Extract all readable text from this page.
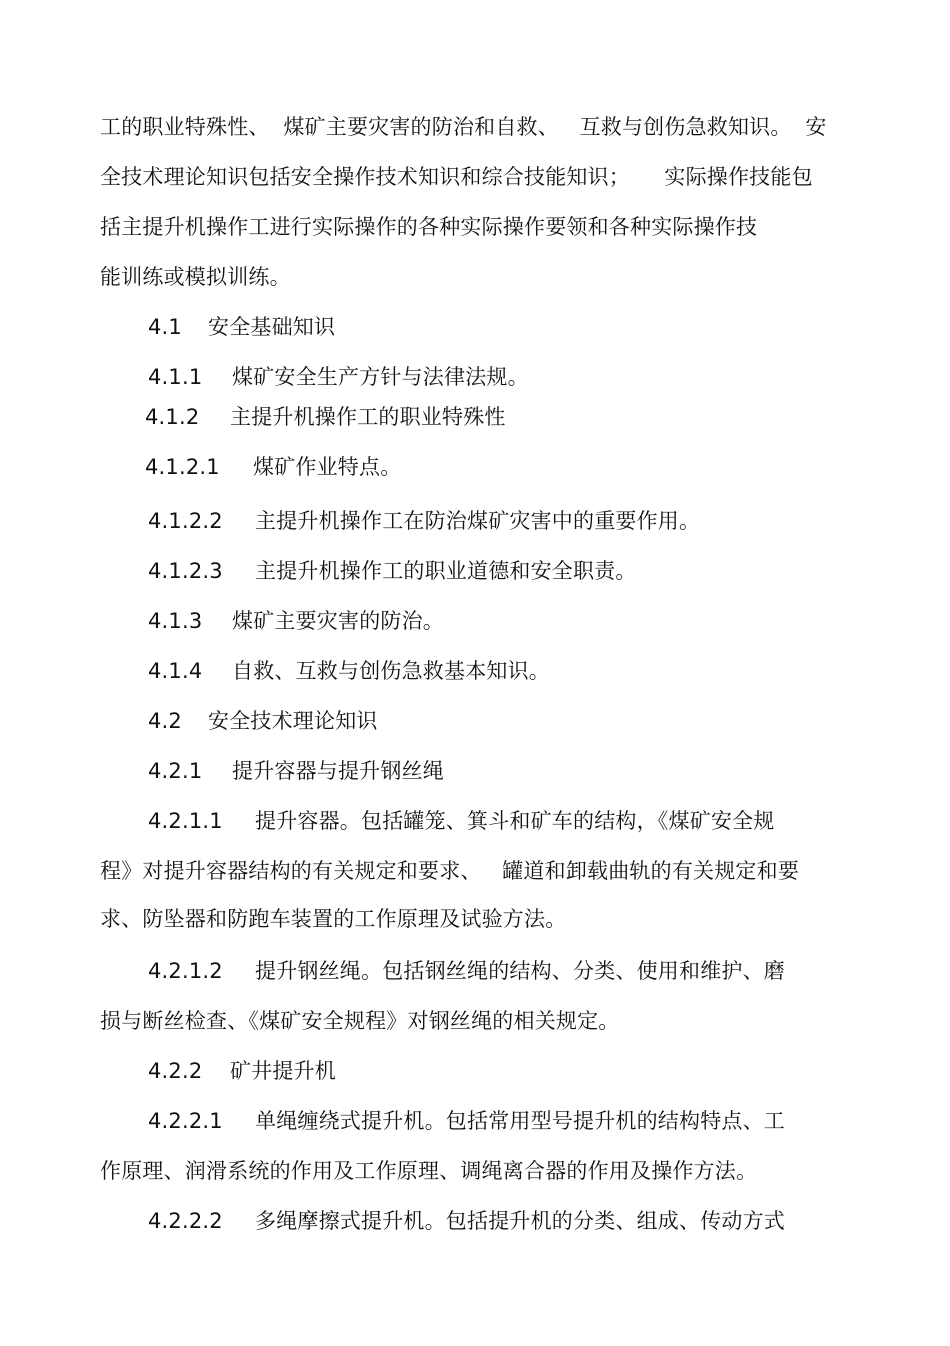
工的职业特殊性、  煤矿主要灾害的防治和自救、   互救与创伤急救知识。  安
全技术理论知识包括安全操作技术知识和综合技能知识；     实际操作技能包
括主提升机操作工进行实际操作的各种实际操作要领和各种实际操作技
能训练或模拟训练。
4.1 安全基础知识
4.1.1 煤矿安全生产方针与法律法规。
4.1.2 主提升机操作工的职业特殊性
4.1.2.1 煤矿作业特点。
4.1.2.2 主提升机操作工在防治煤矿灾害中的重要作用。
4.1.2.3 主提升机操作工的职业道德和安全职责。
4.1.3 煤矿主要灾害的防治。
4.1.4 自救、互救与创伤急救基本知识。
4.2 安全技术理论知识
4.2.1 提升容器与提升钢丝绳
4.2.1.1 提升容器。包括罐笼、箕斗和矿车的结构，《煤矿安全规
程》对提升容器结构的有关规定和要求、   罐道和卸载曲轨的有关规定和要
求、防坠器和防跑车装置的工作原理及试验方法。
4.2.1.2 提升钢丝绳。包括钢丝绳的结构、分类、使用和维护、磨
损与断丝检查、《煤矿安全规程》对钢丝绳的相关规定。
4.2.2 矿井提升机
4.2.2.1 单绳缠绕式提升机。包括常用型号提升机的结构特点、工
作原理、润滑系统的作用及工作原理、调绳离合器的作用及操作方法。
4.2.2.2 多绳摩擦式提升机。包括提升机的分类、组成、传动方式
